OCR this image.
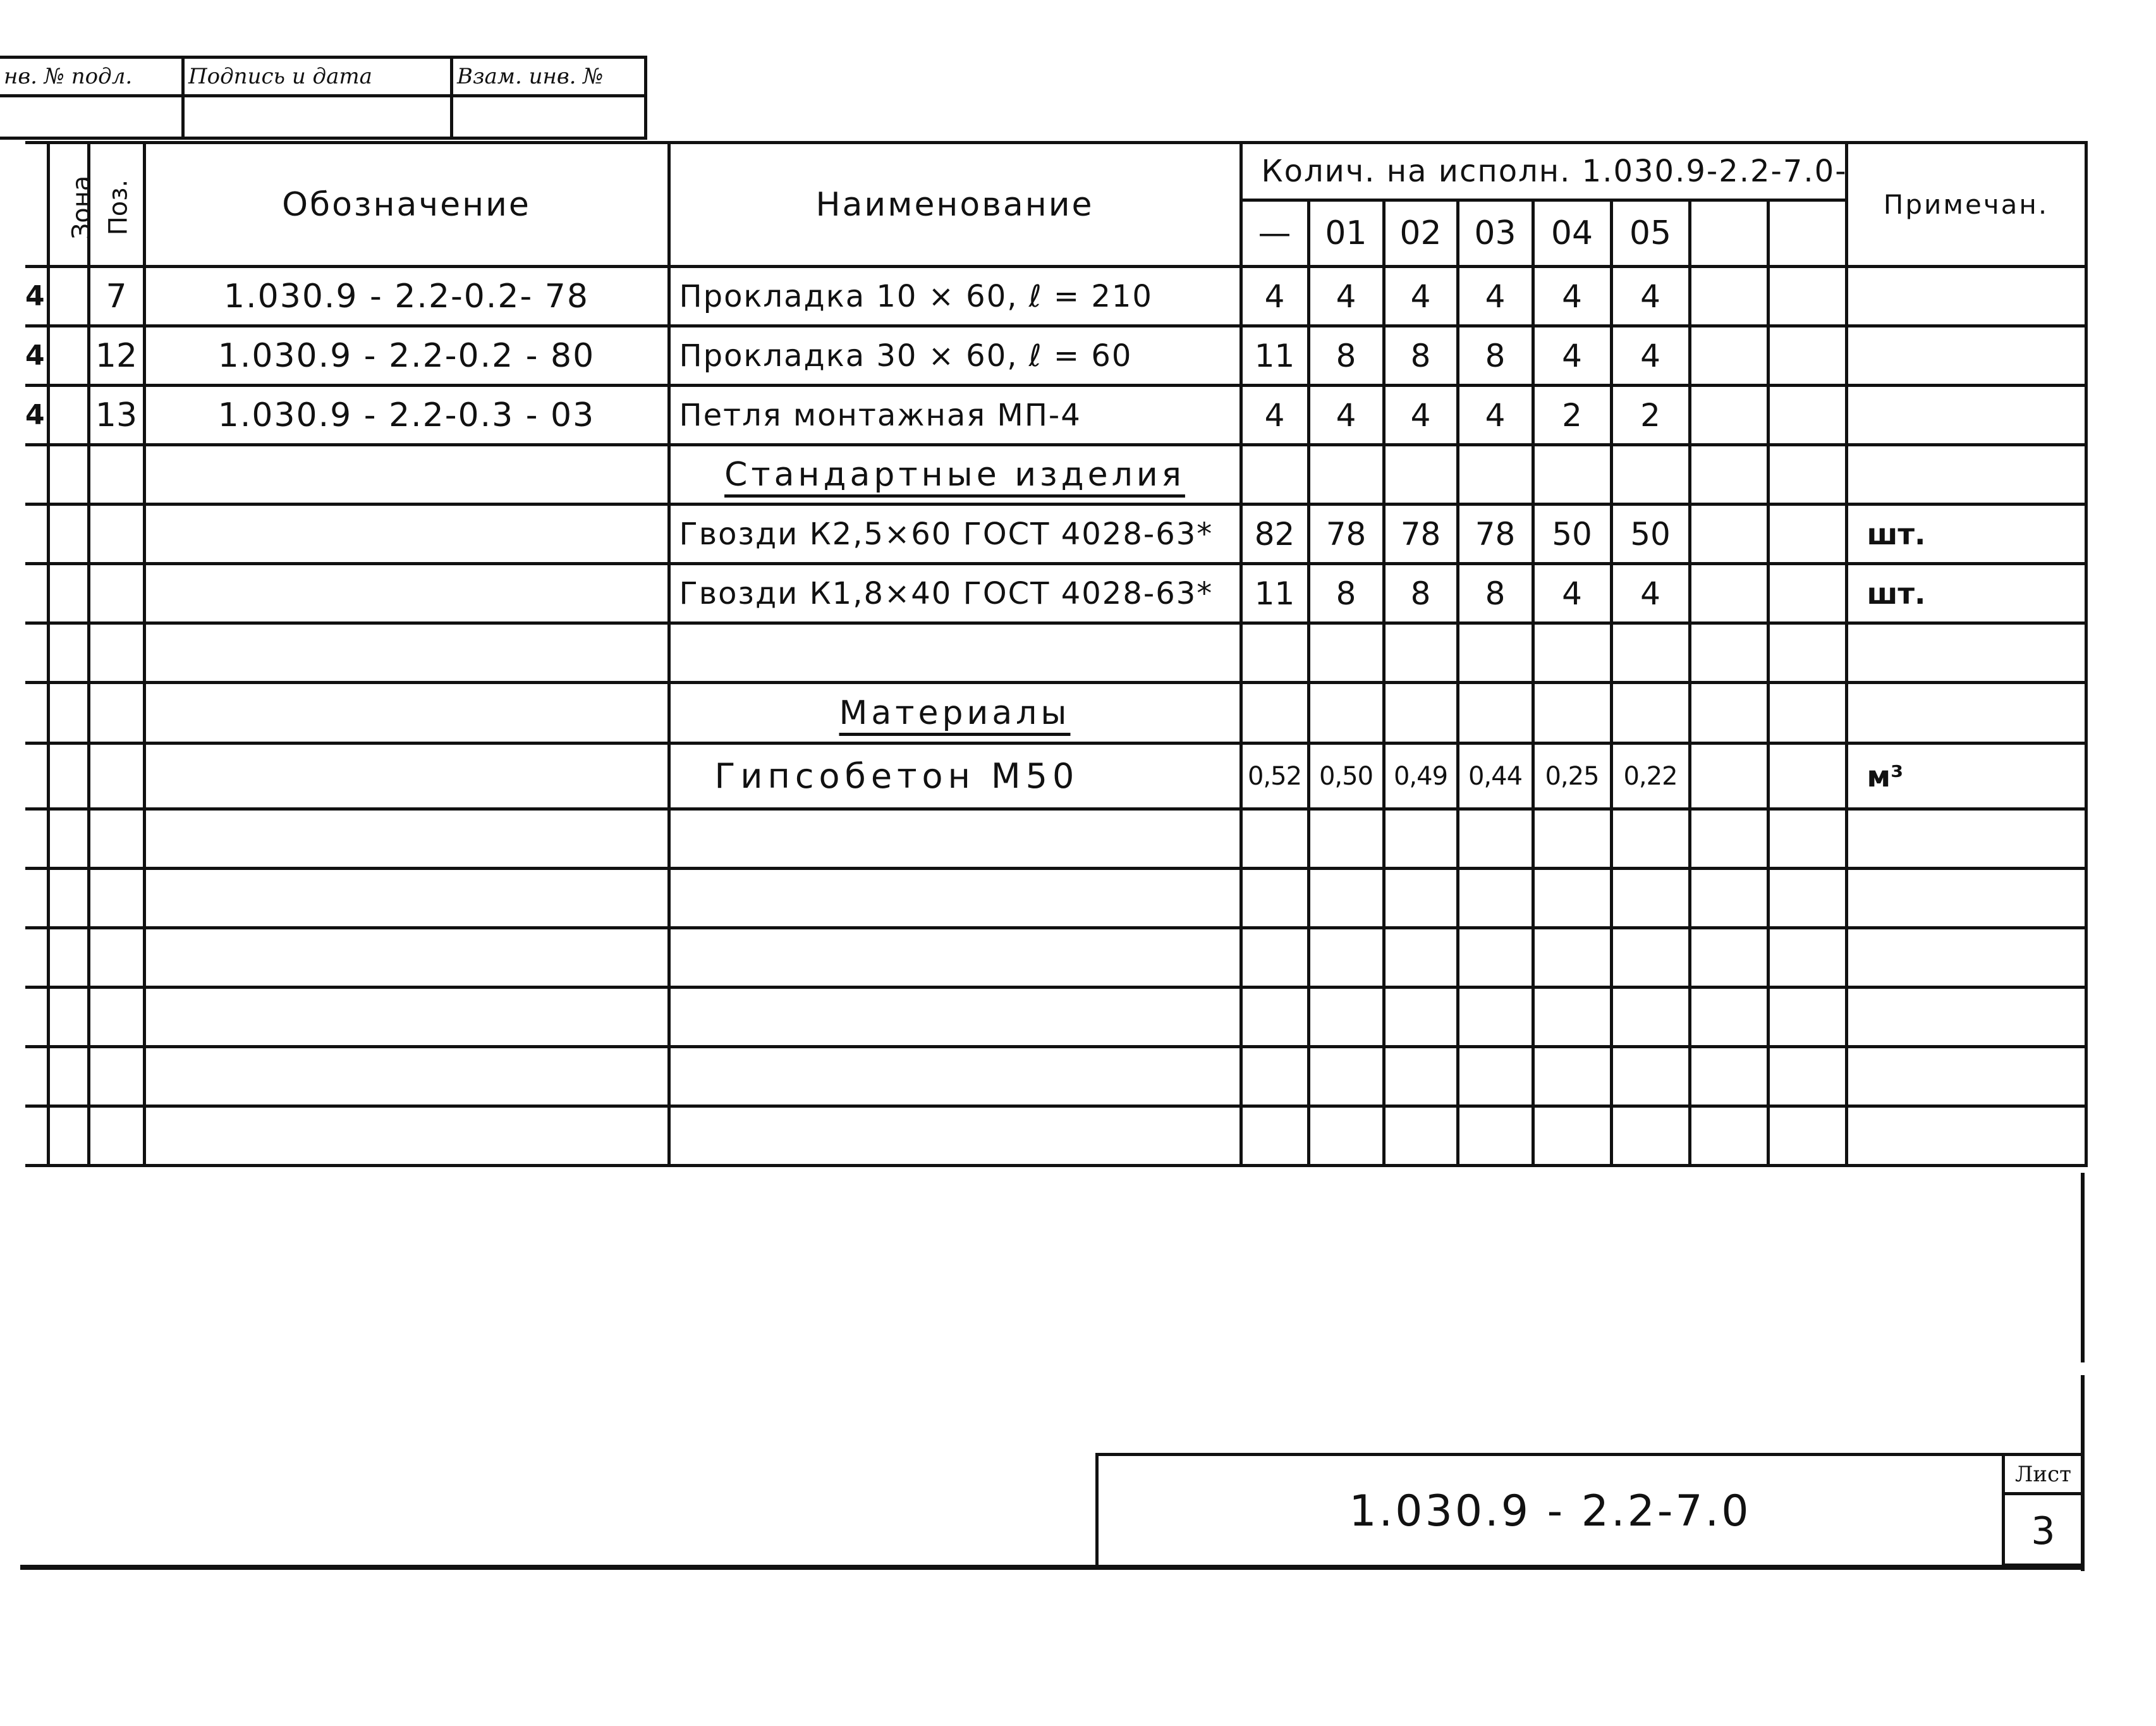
нв. № подл.	Подпись и дата	Взам. инв. №

	Зона	Поз.	Обозначение	Наименование	Колич. на исполн. 1.030.9-2.2-7.0-								Примечан.
					—	01	02	03	04	05			
4		7	1.030.9 - 2.2-0.2- 78	Прокладка 10 × 60, ℓ = 210	4	4	4	4	4	4			
4		12	1.030.9 - 2.2-0.2 - 80	Прокладка 30 × 60, ℓ = 60	11	8	8	8	4	4			
4		13	1.030.9 - 2.2-0.3 - 03	Петля монтажная МП-4	4	4	4	4	2	2			
				Стандартные изделия									
				Гвозди К2,5×60 ГОСТ 4028-63*	82	78	78	78	50	50			шт.
				Гвозди К1,8×40 ГОСТ 4028-63*	11	8	8	8	4	4			шт.

				Материалы									
				Гипсобетон М50	0,52	0,50	0,49	0,44	0,25	0,22			м³

1.030.9 - 2.2-7.0
Лист
3
